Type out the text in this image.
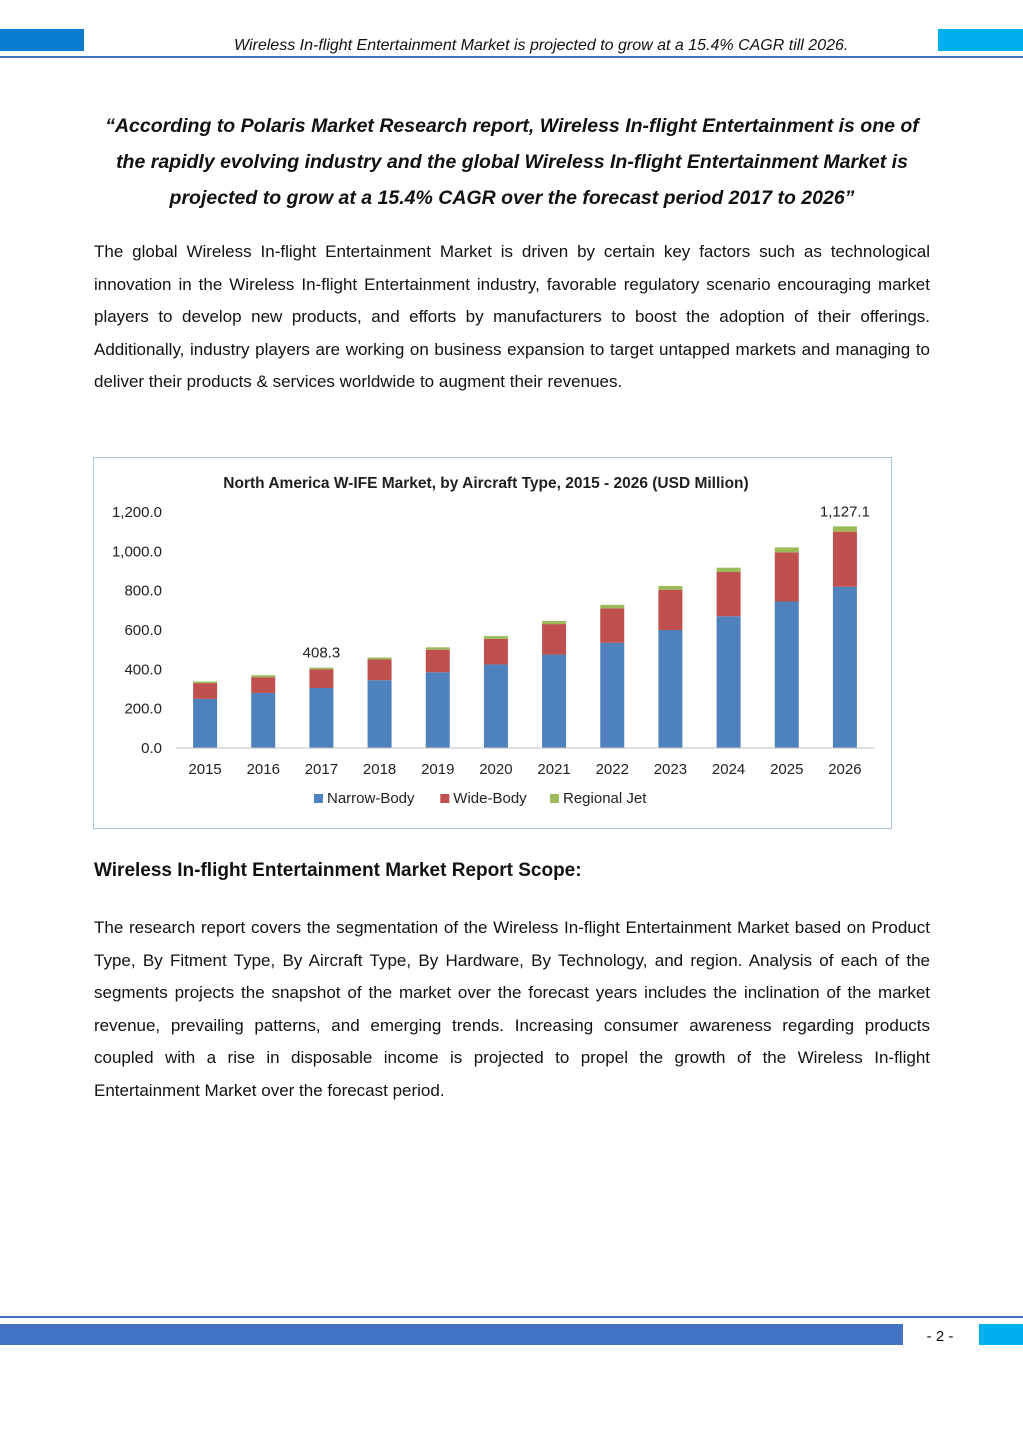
Wireless In-flight Entertainment Market is projected to grow at a 15.4% CAGR till 2026.
“According to Polaris Market Research report, Wireless In-flight Entertainment is one of the rapidly evolving industry and the global Wireless In-flight Entertainment Market is projected to grow at a 15.4% CAGR over the forecast period 2017 to 2026”
The global Wireless In-flight Entertainment Market is driven by certain key factors such as technological innovation in the Wireless In-flight Entertainment industry, favorable regulatory scenario encouraging market players to develop new products, and efforts by manufacturers to boost the adoption of their offerings. Additionally, industry players are working on business expansion to target untapped markets and managing to deliver their products & services worldwide to augment their revenues.
North America W-IFE Market, by Aircraft Type, 2015 - 2026 (USD Million)
0.0
200.0
400.0
600.0
800.0
1,000.0
1,200.0
2015 2016 2017 2018 2019 2020 2021 2022 2023 2024 2025 2026
408.3
1,127.1
Narrow-Body	Wide-Body Regional Jet
Wireless In-flight Entertainment Market Report Scope:
The research report covers the segmentation of the Wireless In-flight Entertainment Market based on Product Type, By Fitment Type, By Aircraft Type, By Hardware, By Technology, and region. Analysis of each of the segments projects the snapshot of the market over the forecast years includes the inclination of the market revenue, prevailing patterns, and emerging trends. Increasing consumer awareness regarding products coupled with a rise in disposable income is projected to propel the growth of the Wireless In-flight Entertainment Market over the forecast period.
- 2 -
